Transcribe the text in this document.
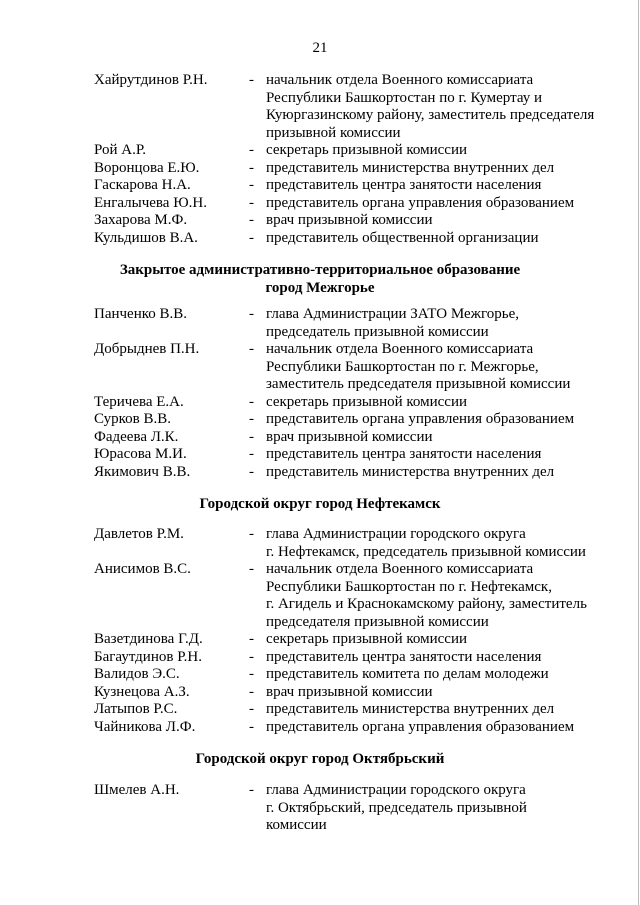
21
Хайрутдинов Р.Н.	- начальник отдела Военного комиссариата
Республики Башкортостан по г. Кумертау и
Куюргазинскому району, заместитель председателя
призывной комиссии
Рой А.Р.	- секретарь призывной комиссии
Воронцова Е.Ю.	- представитель министерства внутренних дел
Гаскарова Н.А.	- представитель центра занятости населения
Енгалычева Ю.Н.	- представитель органа управления образованием
Захарова М.Ф.	- врач призывной комиссии
Кульдишов В.А.	- представитель общественной организации
Закрытое административно-территориальное образование
город Межгорье
Панченко В.В.	- глава Администрации ЗАТО Межгорье,
председатель призывной комиссии
Добрыднев П.Н.	- начальник отдела Военного комиссариата
Республики Башкортостан по г. Межгорье,
заместитель председателя призывной комиссии
Теричева Е.А.	- секретарь призывной комиссии
Сурков В.В.	- представитель органа управления образованием
Фадеева Л.К.	- врач призывной комиссии
Юрасова М.И.	- представитель центра занятости населения
Якимович В.В.	- представитель министерства внутренних дел
Городской округ город Нефтекамск
Давлетов Р.М.	- глава Администрации городского округа
г. Нефтекамск, председатель призывной комиссии
Анисимов В.С.	- начальник отдела Военного комиссариата
Республики Башкортостан по г. Нефтекамск,
г. Агидель и Краснокамскому району, заместитель
председателя призывной комиссии
Вазетдинова Г.Д.	- секретарь призывной комиссии
Багаутдинов Р.Н.	- представитель центра занятости населения
Валидов Э.С.	- представитель комитета по делам молодежи
Кузнецова А.З.	- врач призывной комиссии
Латыпов Р.С.	- представитель министерства внутренних дел
Чайникова Л.Ф.	- представитель органа управления образованием
Городской округ город Октябрьский
Шмелев А.Н.	- глава Администрации городского округа
г. Октябрьский, председатель призывной
комиссии
